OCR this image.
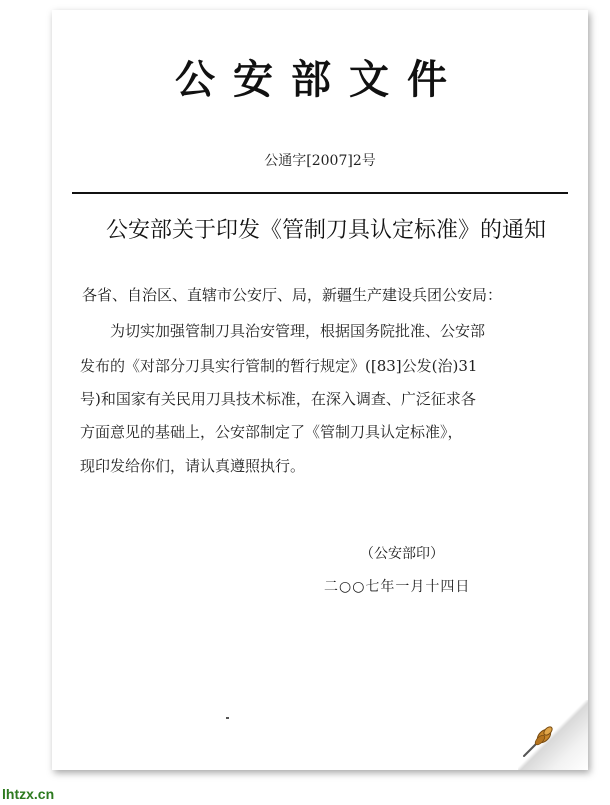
公安部文件
公通字[2007]2号
公安部关于印发《管制刀具认定标准》的通知
各省、自治区、直辖市公安厅、局，新疆生产建设兵团公安局：
为切实加强管制刀具治安管理，根据国务院批准、公安部
发布的《对部分刀具实行管制的暂行规定》([83]公发(治)31
号)和国家有关民用刀具技术标准，在深入调查、广泛征求各
方面意见的基础上，公安部制定了《管制刀具认定标准》，
现印发给你们，请认真遵照执行。
（公安部印）
二○○七年一月十四日
lhtzx.cn
